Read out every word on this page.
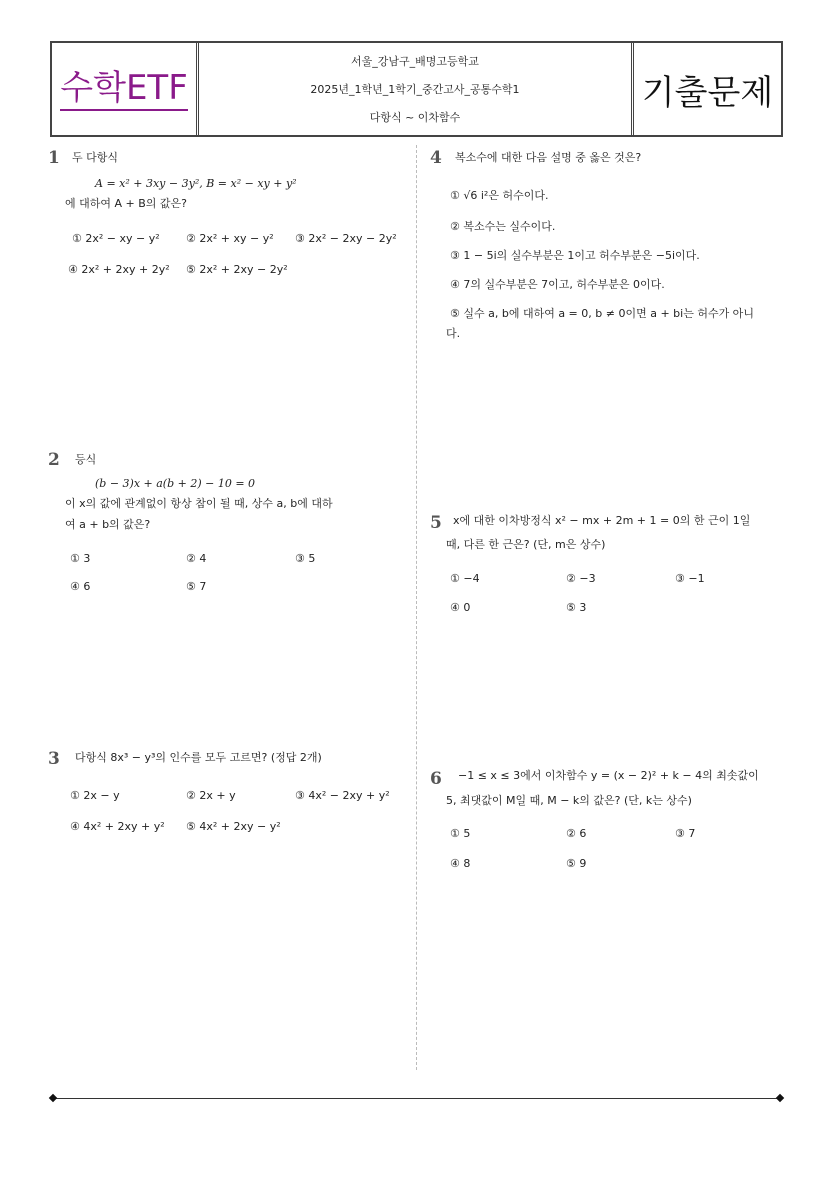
수학ETF
서울_강남구_배명고등학교
2025년_1학년_1학기_중간고사_공통수학1
다항식 ~ 이차함수
기출문제
1 두 다항식
A = x² + 3xy − 3y², B = x² − xy + y²
에 대하여 A + B의 값은?
① 2x² − xy − y² ② 2x² + xy − y² ③ 2x² − 2xy − 2y²
④ 2x² + 2xy + 2y² ⑤ 2x² + 2xy − 2y²
2 등식
(b − 3)x + a(b + 2) − 10 = 0
이 x의 값에 관계없이 항상 참이 될 때, 상수 a, b에 대하
여 a + b의 값은?
① 3	② 4	③ 5
④ 6	⑤ 7
3 다항식 8x³ − y³의 인수를 모두 고르면? (정답 2개)
① 2x − y	② 2x + y	③ 4x² − 2xy + y²
④ 4x² + 2xy + y² ⑤ 4x² + 2xy − y²
4 복소수에 대한 다음 설명 중 옳은 것은?
① √6 i²은 허수이다.
② 복소수는 실수이다.
③ 1 − 5i의 실수부분은 1이고 허수부분은 −5i이다.
④ 7의 실수부분은 7이고, 허수부분은 0이다.
⑤ 실수 a, b에 대하여 a = 0, b ≠ 0이면 a + bi는 허수가 아니
다.
5 x에 대한 이차방정식 x² − mx + 2m + 1 = 0의 한 근이 1일
때, 다른 한 근은? (단, m은 상수)
① −4	② −3	③ −1
④ 0	⑤ 3
6 −1 ≤ x ≤ 3에서 이차함수 y = (x − 2)² + k − 4의 최솟값이
5, 최댓값이 M일 때, M − k의 값은? (단, k는 상수)
① 5	② 6	③ 7
④ 8	⑤ 9
